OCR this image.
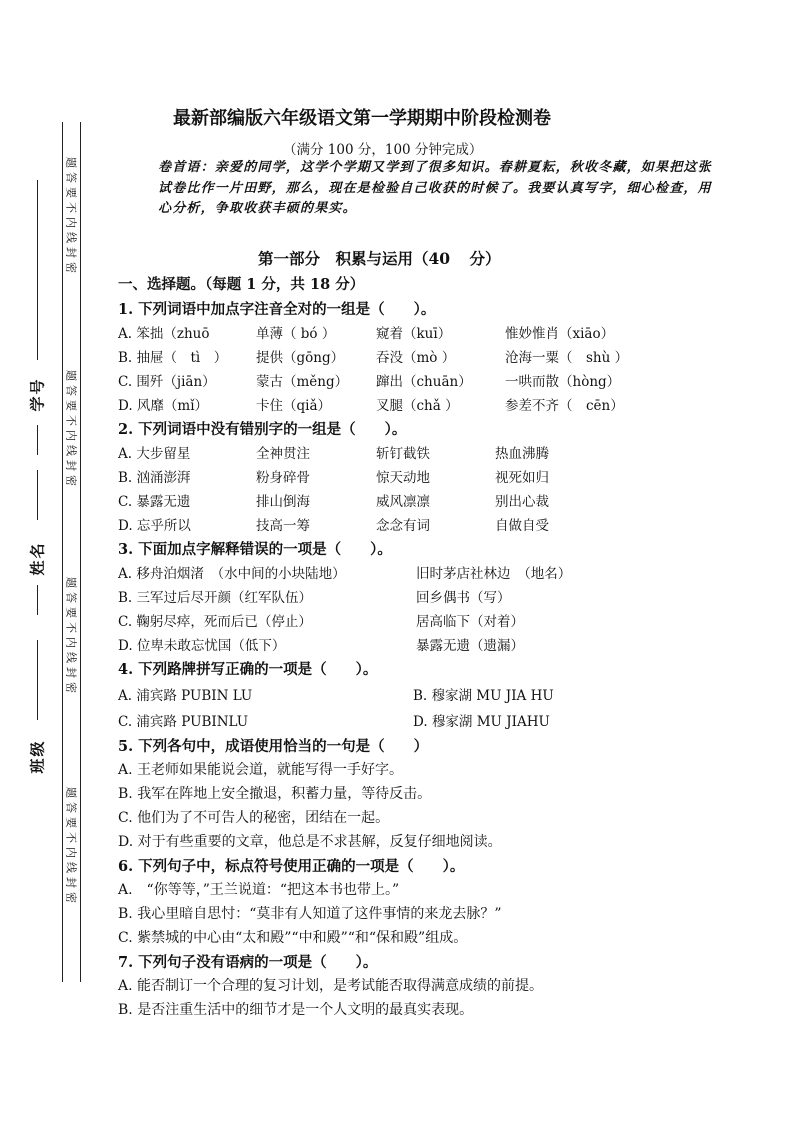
题
答
要
不
内
线
封
密
题
答
要
不
内
线
封
密
题
答
要
不
内
线
封
密
题
答
要
不
内
线
封
密
号
学
名
姓
级
班
最新部编版六年级语文第一学期期中阶段检测卷
（满分 100 分，100 分钟完成）
卷首语：亲爱的同学，这学个学期又学到了很多知识。春耕夏耘，秋收冬藏，如果把这张试卷比作一片田野，那么，现在是检验自己收获的时候了。我要认真写字，细心检查，用心分析，争取收获丰硕的果实。
第一部分　积累与运用（40 分）
一、选择题。（每题 1 分，共 18 分）
1. 下列词语中加点字注音全对的一组是（　　）。
A. 笨拙（zhuō	单薄（ bó ）	窥着（kuī）	惟妙惟肖（xiāo）
B. 抽屉（　tì　） 提供（gōng） 吞没（mò ）	沧海一粟（　shù ）
C. 围歼（jiān）	蒙古（měng） 蹿出（chuān） 一哄而散（hòng）
D. 风靡（mǐ）	卡住（qiǎ）	叉腿（chǎ ）	参差不齐（　cēn）
2. 下列词语中没有错别字的一组是（　　）。
A. 大步留星	全神贯注	斩钉截铁	热血沸腾
B. 汹涌澎湃	粉身碎骨	惊天动地	视死如归
C. 暴露无遗	排山倒海	威风凛凛	别出心裁
D. 忘乎所以	技高一筹	念念有词	自做自受
3. 下面加点字解释错误的一项是（　　）。
A. 移舟泊烟渚　（水中间的小块陆地）	旧时茅店社林边　（地名）
B. 三军过后尽开颜（红军队伍）	回乡偶书（写）
C. 鞠躬尽瘁，死而后已（停止）	居高临下（对着）
D. 位卑未敢忘忧国（低下）	暴露无遗（遗漏）
4. 下列路牌拼写正确的一项是（　　）。
A. 浦宾路 PUBIN LU	B. 穆家湖 MU JIA HU
C. 浦宾路 PUBINLU	D. 穆家湖 MU JIAHU
5. 下列各句中，成语使用恰当的一句是（　　）
A. 王老师如果能说会道，就能写得一手好字。
B. 我军在阵地上安全撤退，积蓄力量，等待反击。
C. 他们为了不可告人的秘密，团结在一起。
D. 对于有些重要的文章，他总是不求甚解，反复仔细地阅读。
6. 下列句子中，标点符号使用正确的一项是（　　）。
A.　“你等等，”王兰说道：“把这本书也带上。”
B. 我心里暗自思忖：“莫非有人知道了这件事情的来龙去脉？”
C. 紫禁城的中心由“太和殿”“中和殿”“和“保和殿”组成。
7. 下列句子没有语病的一项是（　　）。
A. 能否制订一个合理的复习计划，是考试能否取得满意成绩的前提。
B. 是否注重生活中的细节才是一个人文明的最真实表现。
